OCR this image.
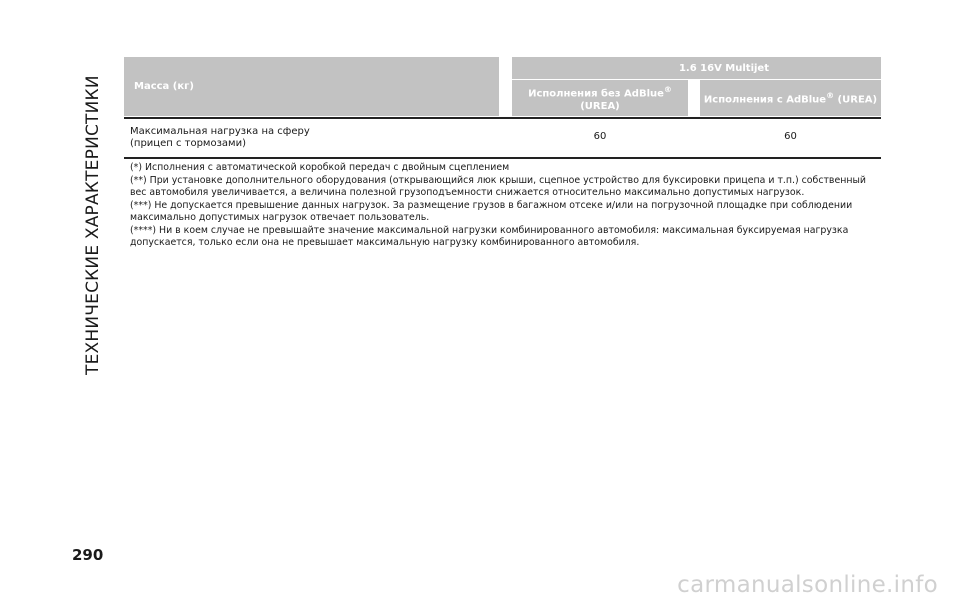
ТЕХНИЧЕСКИЕ ХАРАКТЕРИСТИКИ	Масса (кг)
1.6 16V Multijet
Исполнения без AdBlue®
(UREA)
Исполнения с AdBlue® (UREA)
Максимальная нагрузка на сферу
(прицеп с тормозами)
60	60

(*) Исполнения с автоматической коробкой передач с двойным сцеплением

(**) При установке дополнительного оборудования (открывающийся люк крыши, сцепное устройство для буксировки прицепа и т.п.) собственный вес автомобиля увеличивается, а величина полезной грузоподъемности снижается относительно максимально допустимых нагрузок.

(***) Не допускается превышение данных нагрузок. За размещение грузов в багажном отсеке и/или на погрузочной площадке при соблюдении максимально допустимых нагрузок отвечает пользователь.

(****) Ни в коем случае не превышайте значение максимальной нагрузки комбинированного автомобиля: максимальная буксируемая нагрузка допускается, только если она не превышает максимальную нагрузку комбинированного автомобиля.

290
carmanualsonline.info
